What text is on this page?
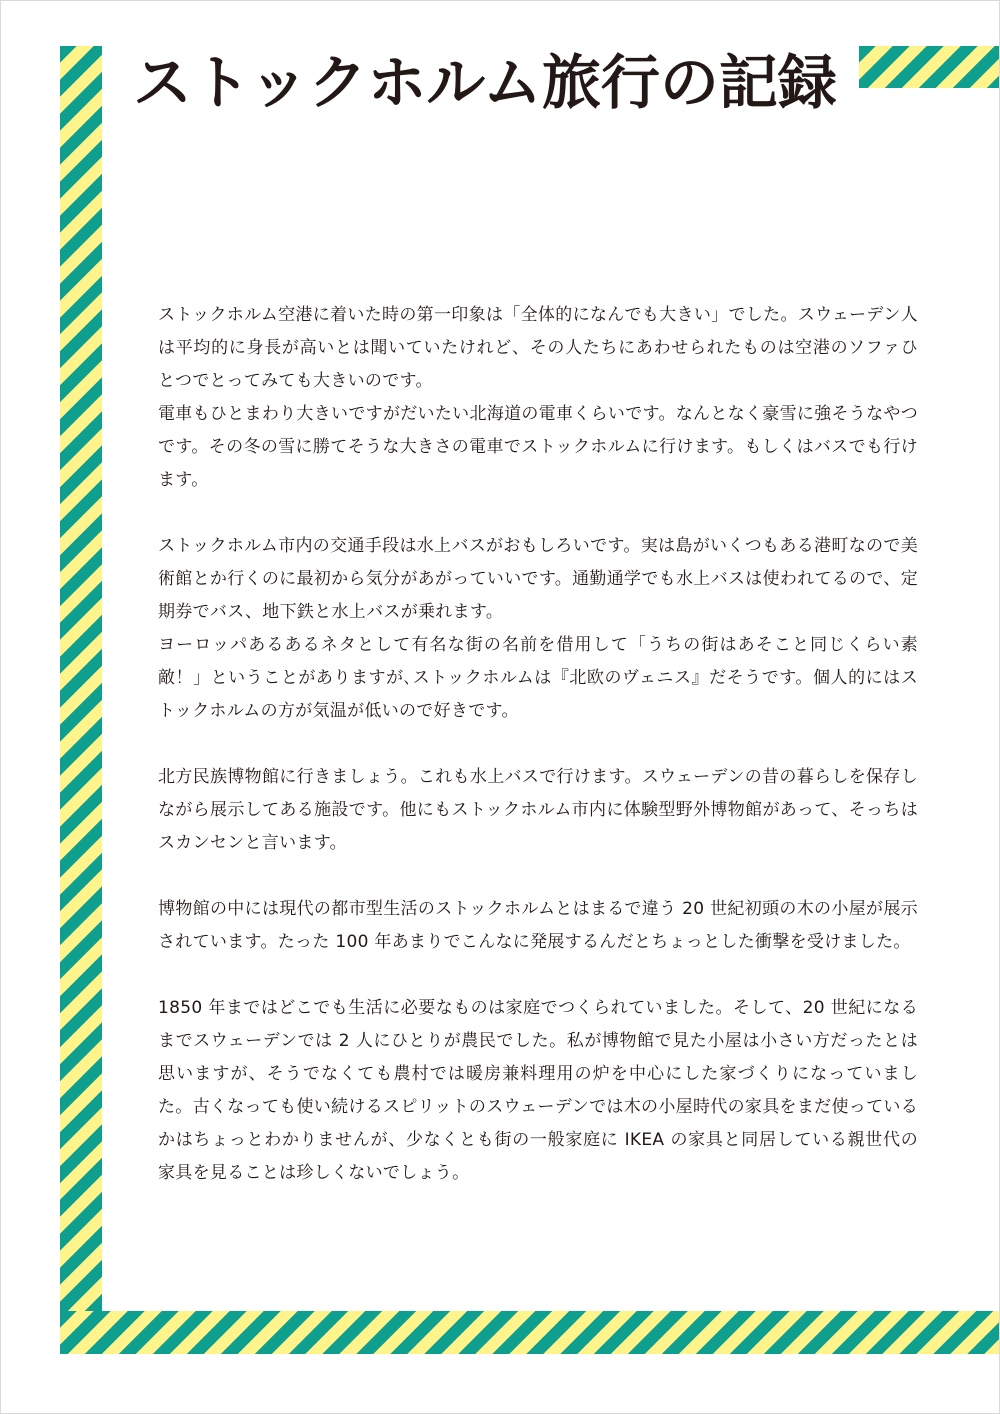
ストックホルム旅行の記録

ストックホルム空港に着いた時の第一印象は「全体的になんでも大きい」でした。スウェーデン人は平均的に身長が高いとは聞いていたけれど、その人たちにあわせられたものは空港のソファひとつでとってみても大きいのです。
電車もひとまわり大きいですがだいたい北海道の電車くらいです。なんとなく豪雪に強そうなやつです。その冬の雪に勝てそうな大きさの電車でストックホルムに行けます。もしくはバスでも行けます。

ストックホルム市内の交通手段は水上バスがおもしろいです。実は島がいくつもある港町なので美術館とか行くのに最初から気分があがっていいです。通勤通学でも水上バスは使われてるので、定期券でバス、地下鉄と水上バスが乗れます。
ヨーロッパあるあるネタとして有名な街の名前を借用して「うちの街はあそこと同じくらい素敵！」ということがありますが､ストックホルムは『北欧のヴェニス』だそうです。個人的にはストックホルムの方が気温が低いので好きです。

北方民族博物館に行きましょう。これも水上バスで行けます。スウェーデンの昔の暮らしを保存しながら展示してある施設です。他にもストックホルム市内に体験型野外博物館があって、そっちはスカンセンと言います。

博物館の中には現代の都市型生活のストックホルムとはまるで違う 20 世紀初頭の木の小屋が展示されています。たった 100 年あまりでこんなに発展するんだとちょっとした衝撃を受けました。

1850 年まではどこでも生活に必要なものは家庭でつくられていました。そして、20 世紀になるまでスウェーデンでは 2 人にひとりが農民でした。私が博物館で見た小屋は小さい方だったとは思いますが、そうでなくても農村では暖房兼料理用の炉を中心にした家づくりになっていました。古くなっても使い続けるスピリットのスウェーデンでは木の小屋時代の家具をまだ使っているかはちょっとわかりませんが、少なくとも街の一般家庭に IKEA の家具と同居している親世代の家具を見ることは珍しくないでしょう。
